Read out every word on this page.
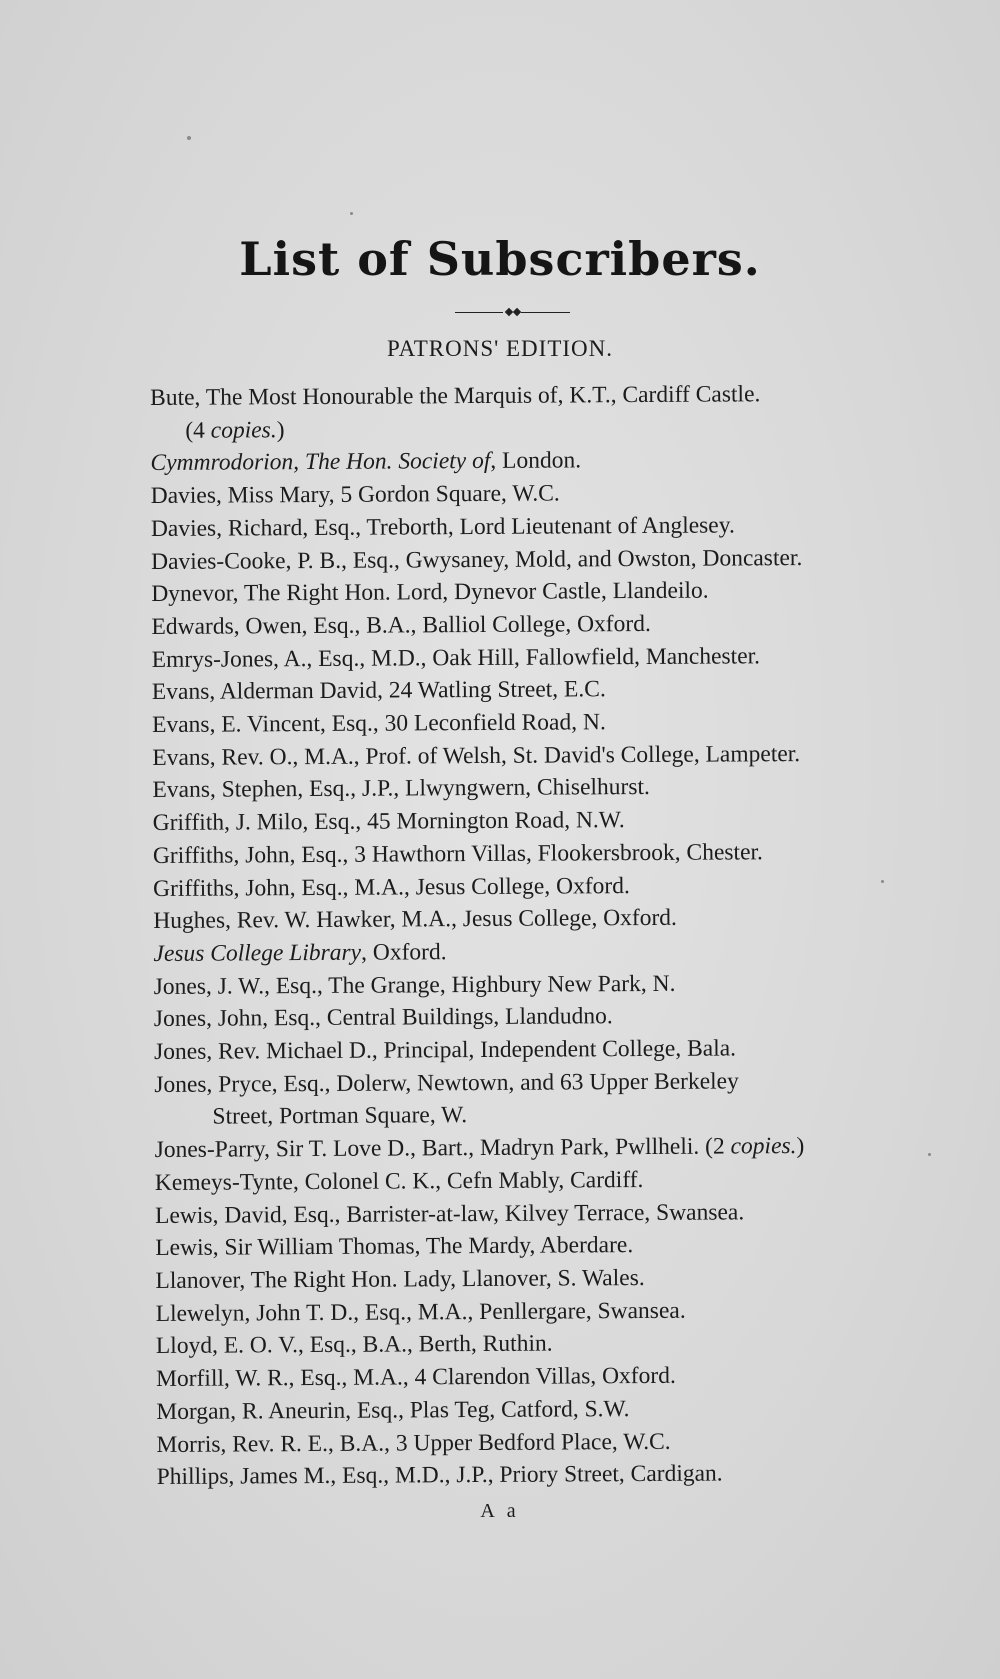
List of Subscribers.
PATRONS' EDITION.
Bute, The Most Honourable the Marquis of, K.T., Cardiff Castle.
(4 copies.)
Cymmrodorion, The Hon. Society of, London.
Davies, Miss Mary, 5 Gordon Square, W.C.
Davies, Richard, Esq., Treborth, Lord Lieutenant of Anglesey.
Davies-Cooke, P. B., Esq., Gwysaney, Mold, and Owston, Doncaster.
Dynevor, The Right Hon. Lord, Dynevor Castle, Llandeilo.
Edwards, Owen, Esq., B.A., Balliol College, Oxford.
Emrys-Jones, A., Esq., M.D., Oak Hill, Fallowfield, Manchester.
Evans, Alderman David, 24 Watling Street, E.C.
Evans, E. Vincent, Esq., 30 Leconfield Road, N.
Evans, Rev. O., M.A., Prof. of Welsh, St. David's College, Lampeter.
Evans, Stephen, Esq., J.P., Llwyngwern, Chiselhurst.
Griffith, J. Milo, Esq., 45 Mornington Road, N.W.
Griffiths, John, Esq., 3 Hawthorn Villas, Flookersbrook, Chester.
Griffiths, John, Esq., M.A., Jesus College, Oxford.
Hughes, Rev. W. Hawker, M.A., Jesus College, Oxford.
Jesus College Library, Oxford.
Jones, J. W., Esq., The Grange, Highbury New Park, N.
Jones, John, Esq., Central Buildings, Llandudno.
Jones, Rev. Michael D., Principal, Independent College, Bala.
Jones, Pryce, Esq., Dolerw, Newtown, and 63 Upper Berkeley
Street, Portman Square, W.
Jones-Parry, Sir T. Love D., Bart., Madryn Park, Pwllheli. (2 copies.)
Kemeys-Tynte, Colonel C. K., Cefn Mably, Cardiff.
Lewis, David, Esq., Barrister-at-law, Kilvey Terrace, Swansea.
Lewis, Sir William Thomas, The Mardy, Aberdare.
Llanover, The Right Hon. Lady, Llanover, S. Wales.
Llewelyn, John T. D., Esq., M.A., Penllergare, Swansea.
Lloyd, E. O. V., Esq., B.A., Berth, Ruthin.
Morfill, W. R., Esq., M.A., 4 Clarendon Villas, Oxford.
Morgan, R. Aneurin, Esq., Plas Teg, Catford, S.W.
Morris, Rev. R. E., B.A., 3 Upper Bedford Place, W.C.
Phillips, James M., Esq., M.D., J.P., Priory Street, Cardigan.
A a
